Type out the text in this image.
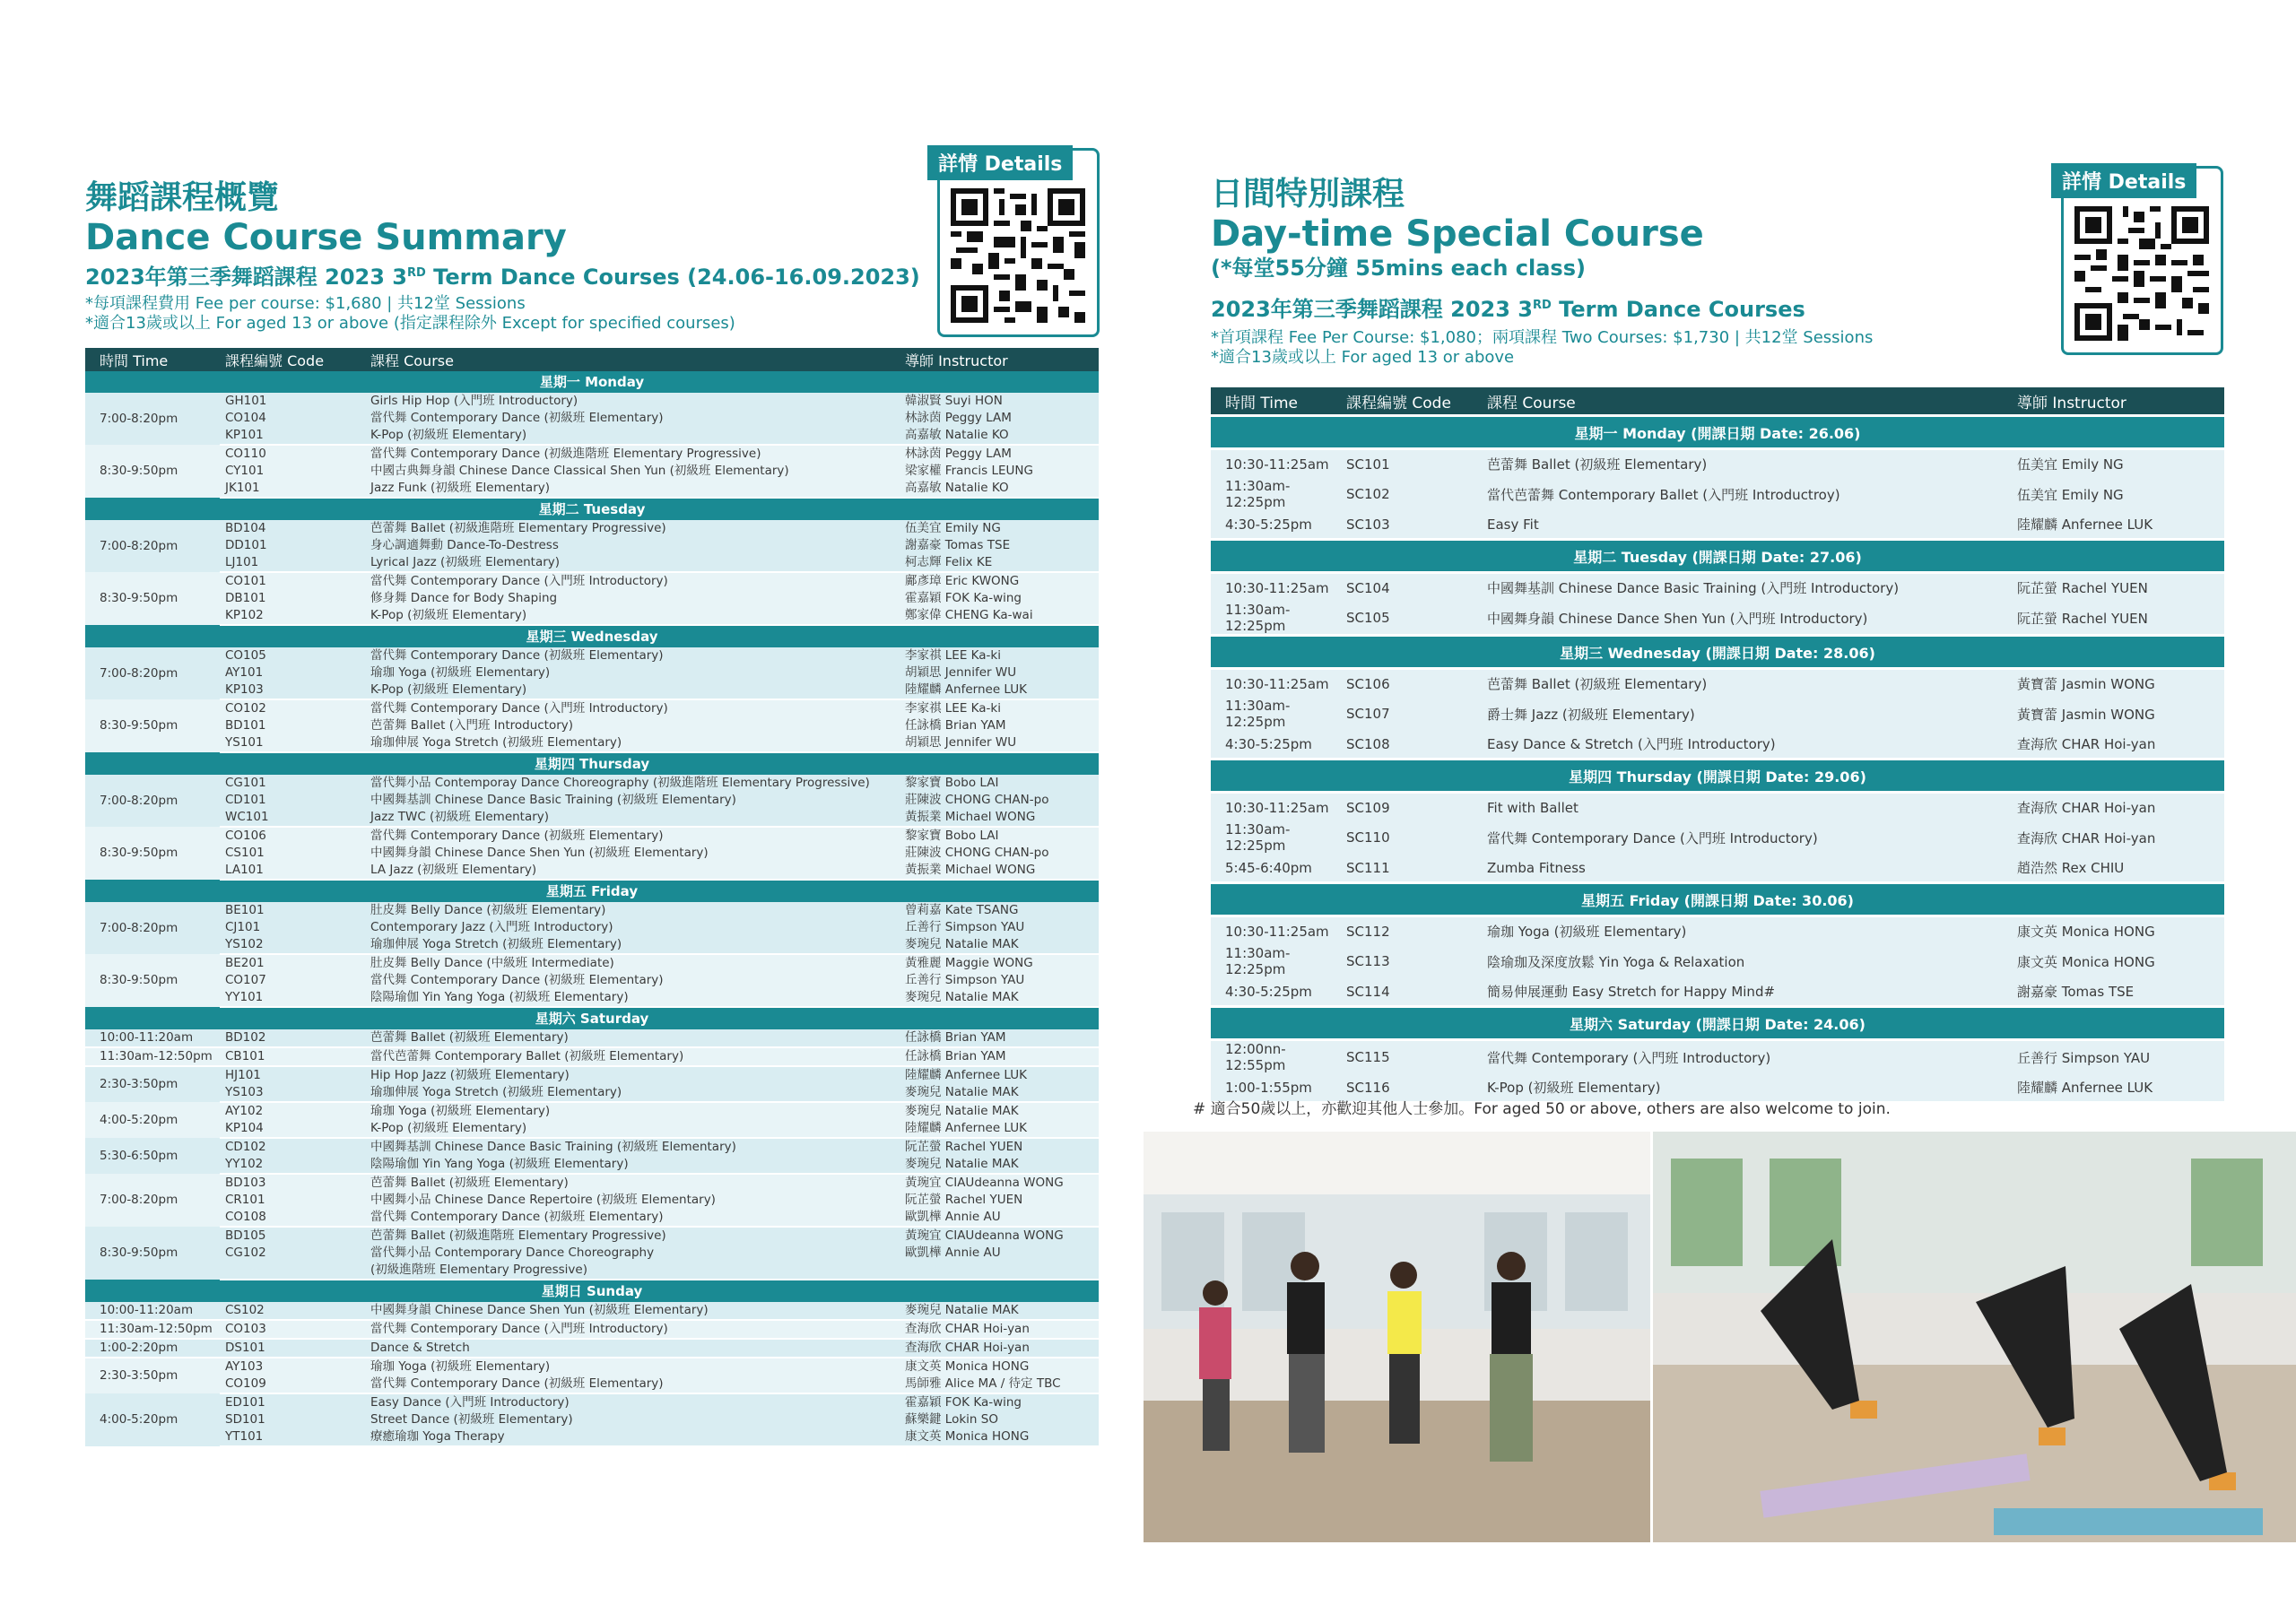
舞蹈課程概覽
Dance Course Summary
2023年第三季舞蹈課程 2023 3RD Term Dance Courses (24.06-16.09.2023)
*每項課程費用 Fee per course: $1,680 | 共12堂 Sessions
*適合13歲或以上 For aged 13 or above (指定課程除外 Except for specified courses)
詳情 Details
時間 Time	課程編號 Code	課程 Course	導師 Instructor
星期一 Monday			
7:00-8:20pm	GH101	Girls Hip Hop (入門班 Introductory)	韓淑賢 Suyi HON
	CO104	當代舞 Contemporary Dance (初級班 Elementary)	林詠茵 Peggy LAM
	KP101	K-Pop (初級班 Elementary)	高嘉敏 Natalie KO
8:30-9:50pm	CO110	當代舞 Contemporary Dance (初級進階班 Elementary Progressive)	林詠茵 Peggy LAM
	CY101	中國古典舞身韻 Chinese Dance Classical Shen Yun (初級班 Elementary)	梁家權 Francis LEUNG
	JK101	Jazz Funk (初級班 Elementary)	高嘉敏 Natalie KO
星期二 Tuesday			
7:00-8:20pm	BD104	芭蕾舞 Ballet (初級進階班 Elementary Progressive)	伍美宜 Emily NG
	DD101	身心調適舞動 Dance-To-Destress	謝嘉豪 Tomas TSE
	LJ101	Lyrical Jazz (初級班 Elementary)	柯志輝 Felix KE
8:30-9:50pm	CO101	當代舞 Contemporary Dance (入門班 Introductory)	鄺彥璋 Eric KWONG
	DB101	修身舞 Dance for Body Shaping	霍嘉穎 FOK Ka-wing
	KP102	K-Pop (初級班 Elementary)	鄭家偉 CHENG Ka-wai
星期三 Wednesday			
7:00-8:20pm	CO105	當代舞 Contemporary Dance (初級班 Elementary)	李家祺 LEE Ka-ki
	AY101	瑜珈 Yoga (初級班 Elementary)	胡穎思 Jennifer WU
	KP103	K-Pop (初級班 Elementary)	陸耀麟 Anfernee LUK
8:30-9:50pm	CO102	當代舞 Contemporary Dance (入門班 Introductory)	李家祺 LEE Ka-ki
	BD101	芭蕾舞 Ballet (入門班 Introductory)	任詠橋 Brian YAM
	YS101	瑜珈伸展 Yoga Stretch (初級班 Elementary)	胡穎思 Jennifer WU
星期四 Thursday			
7:00-8:20pm	CG101	當代舞小品 Contemporay Dance Choreography (初級進階班 Elementary Progressive)	黎家寶 Bobo LAI
	CD101	中國舞基訓 Chinese Dance Basic Training (初級班 Elementary)	莊陳波 CHONG CHAN-po
	WC101	Jazz TWC (初級班 Elementary)	黃振業 Michael WONG
8:30-9:50pm	CO106	當代舞 Contemporary Dance (初級班 Elementary)	黎家寶 Bobo LAI
	CS101	中國舞身韻 Chinese Dance Shen Yun (初級班 Elementary)	莊陳波 CHONG CHAN-po
	LA101	LA Jazz (初級班 Elementary)	黃振業 Michael WONG
星期五 Friday			
7:00-8:20pm	BE101	肚皮舞 Belly Dance (初級班 Elementary)	曾莉嘉 Kate TSANG
	CJ101	Contemporary Jazz (入門班 Introductory)	丘善行 Simpson YAU
	YS102	瑜珈伸展 Yoga Stretch (初級班 Elementary)	麥琬兒 Natalie MAK
8:30-9:50pm	BE201	肚皮舞 Belly Dance (中級班 Intermediate)	黃雅麗 Maggie WONG
	CO107	當代舞 Contemporary Dance (初級班 Elementary)	丘善行 Simpson YAU
	YY101	陰陽瑜伽 Yin Yang Yoga (初級班 Elementary)	麥琬兒 Natalie MAK
星期六 Saturday			
10:00-11:20am	BD102	芭蕾舞 Ballet (初級班 Elementary)	任詠橋 Brian YAM
11:30am-12:50pm	CB101	當代芭蕾舞 Contemporary Ballet (初級班 Elementary)	任詠橋 Brian YAM
2:30-3:50pm	HJ101	Hip Hop Jazz (初級班 Elementary)	陸耀麟 Anfernee LUK
	YS103	瑜珈伸展 Yoga Stretch (初級班 Elementary)	麥琬兒 Natalie MAK
4:00-5:20pm	AY102	瑜珈 Yoga (初級班 Elementary)	麥琬兒 Natalie MAK
	KP104	K-Pop (初級班 Elementary)	陸耀麟 Anfernee LUK
5:30-6:50pm	CD102	中國舞基訓 Chinese Dance Basic Training (初級班 Elementary)	阮芷螢 Rachel YUEN
	YY102	陰陽瑜伽 Yin Yang Yoga (初級班 Elementary)	麥琬兒 Natalie MAK
7:00-8:20pm	BD103	芭蕾舞 Ballet (初級班 Elementary)	黃琬宜 CIAUdeanna WONG
	CR101	中國舞小品 Chinese Dance Repertoire (初級班 Elementary)	阮芷螢 Rachel YUEN
	CO108	當代舞 Contemporary Dance (初級班 Elementary)	歐凱樺 Annie AU
8:30-9:50pm	BD105	芭蕾舞 Ballet (初級進階班 Elementary Progressive)	黃琬宜 CIAUdeanna WONG
	CG102	當代舞小品 Contemporary Dance Choreography	歐凱樺 Annie AU
		(初級進階班 Elementary Progressive)	
星期日 Sunday			
10:00-11:20am	CS102	中國舞身韻 Chinese Dance Shen Yun (初級班 Elementary)	麥琬兒 Natalie MAK
11:30am-12:50pm	CO103	當代舞 Contemporary Dance (入門班 Introductory)	查海欣 CHAR Hoi-yan
1:00-2:20pm	DS101	Dance & Stretch	查海欣 CHAR Hoi-yan
2:30-3:50pm	AY103	瑜珈 Yoga (初級班 Elementary)	康文英 Monica HONG
	CO109	當代舞 Contemporary Dance (初級班 Elementary)	馬師雅 Alice MA / 待定 TBC
4:00-5:20pm	ED101	Easy Dance (入門班 Introductory)	霍嘉穎 FOK Ka-wing
	SD101	Street Dance (初級班 Elementary)	蘇樂鍵 Lokin SO
	YT101	療癒瑜珈 Yoga Therapy	康文英 Monica HONG
日間特別課程
Day-time Special Course
(*每堂55分鐘 55mins each class)
2023年第三季舞蹈課程 2023 3RD Term Dance Courses
*首項課程 Fee Per Course: $1,080；兩項課程 Two Courses: $1,730 | 共12堂 Sessions
*適合13歲或以上 For aged 13 or above
詳情 Details
時間 Time	課程編號 Code	課程 Course	導師 Instructor
星期一 Monday (開課日期 Date: 26.06)			
10:30-11:25am	SC101	芭蕾舞 Ballet (初級班 Elementary)	伍美宜 Emily NG
11:30am-12:25pm	SC102	當代芭蕾舞 Contemporary Ballet (入門班 Introductroy)	伍美宜 Emily NG
4:30-5:25pm	SC103	Easy Fit	陸耀麟 Anfernee LUK
星期二 Tuesday (開課日期 Date: 27.06)			
10:30-11:25am	SC104	中國舞基訓 Chinese Dance Basic Training (入門班 Introductory)	阮芷螢 Rachel YUEN
11:30am-12:25pm	SC105	中國舞身韻 Chinese Dance Shen Yun (入門班 Introductory)	阮芷螢 Rachel YUEN
星期三 Wednesday (開課日期 Date: 28.06)			
10:30-11:25am	SC106	芭蕾舞 Ballet (初級班 Elementary)	黃寶蕾 Jasmin WONG
11:30am-12:25pm	SC107	爵士舞 Jazz (初級班 Elementary)	黃寶蕾 Jasmin WONG
4:30-5:25pm	SC108	Easy Dance & Stretch (入門班 Introductory)	查海欣 CHAR Hoi-yan
星期四 Thursday (開課日期 Date: 29.06)			
10:30-11:25am	SC109	Fit with Ballet	查海欣 CHAR Hoi-yan
11:30am-12:25pm	SC110	當代舞 Contemporary Dance (入門班 Introductory)	查海欣 CHAR Hoi-yan
5:45-6:40pm	SC111	Zumba Fitness	趙浩然 Rex CHIU
星期五 Friday (開課日期 Date: 30.06)			
10:30-11:25am	SC112	瑜珈 Yoga (初級班 Elementary)	康文英 Monica HONG
11:30am-12:25pm	SC113	陰瑜珈及深度放鬆 Yin Yoga & Relaxation	康文英 Monica HONG
4:30-5:25pm	SC114	簡易伸展運動 Easy Stretch for Happy Mind#	謝嘉豪 Tomas TSE
星期六 Saturday (開課日期 Date: 24.06)			
12:00nn-12:55pm	SC115	當代舞 Contemporary (入門班 Introductory)	丘善行 Simpson YAU
1:00-1:55pm	SC116	K-Pop (初級班 Elementary)	陸耀麟 Anfernee LUK
# 適合50歲以上，亦歡迎其他人士參加。For aged 50 or above, others are also welcome to join.
